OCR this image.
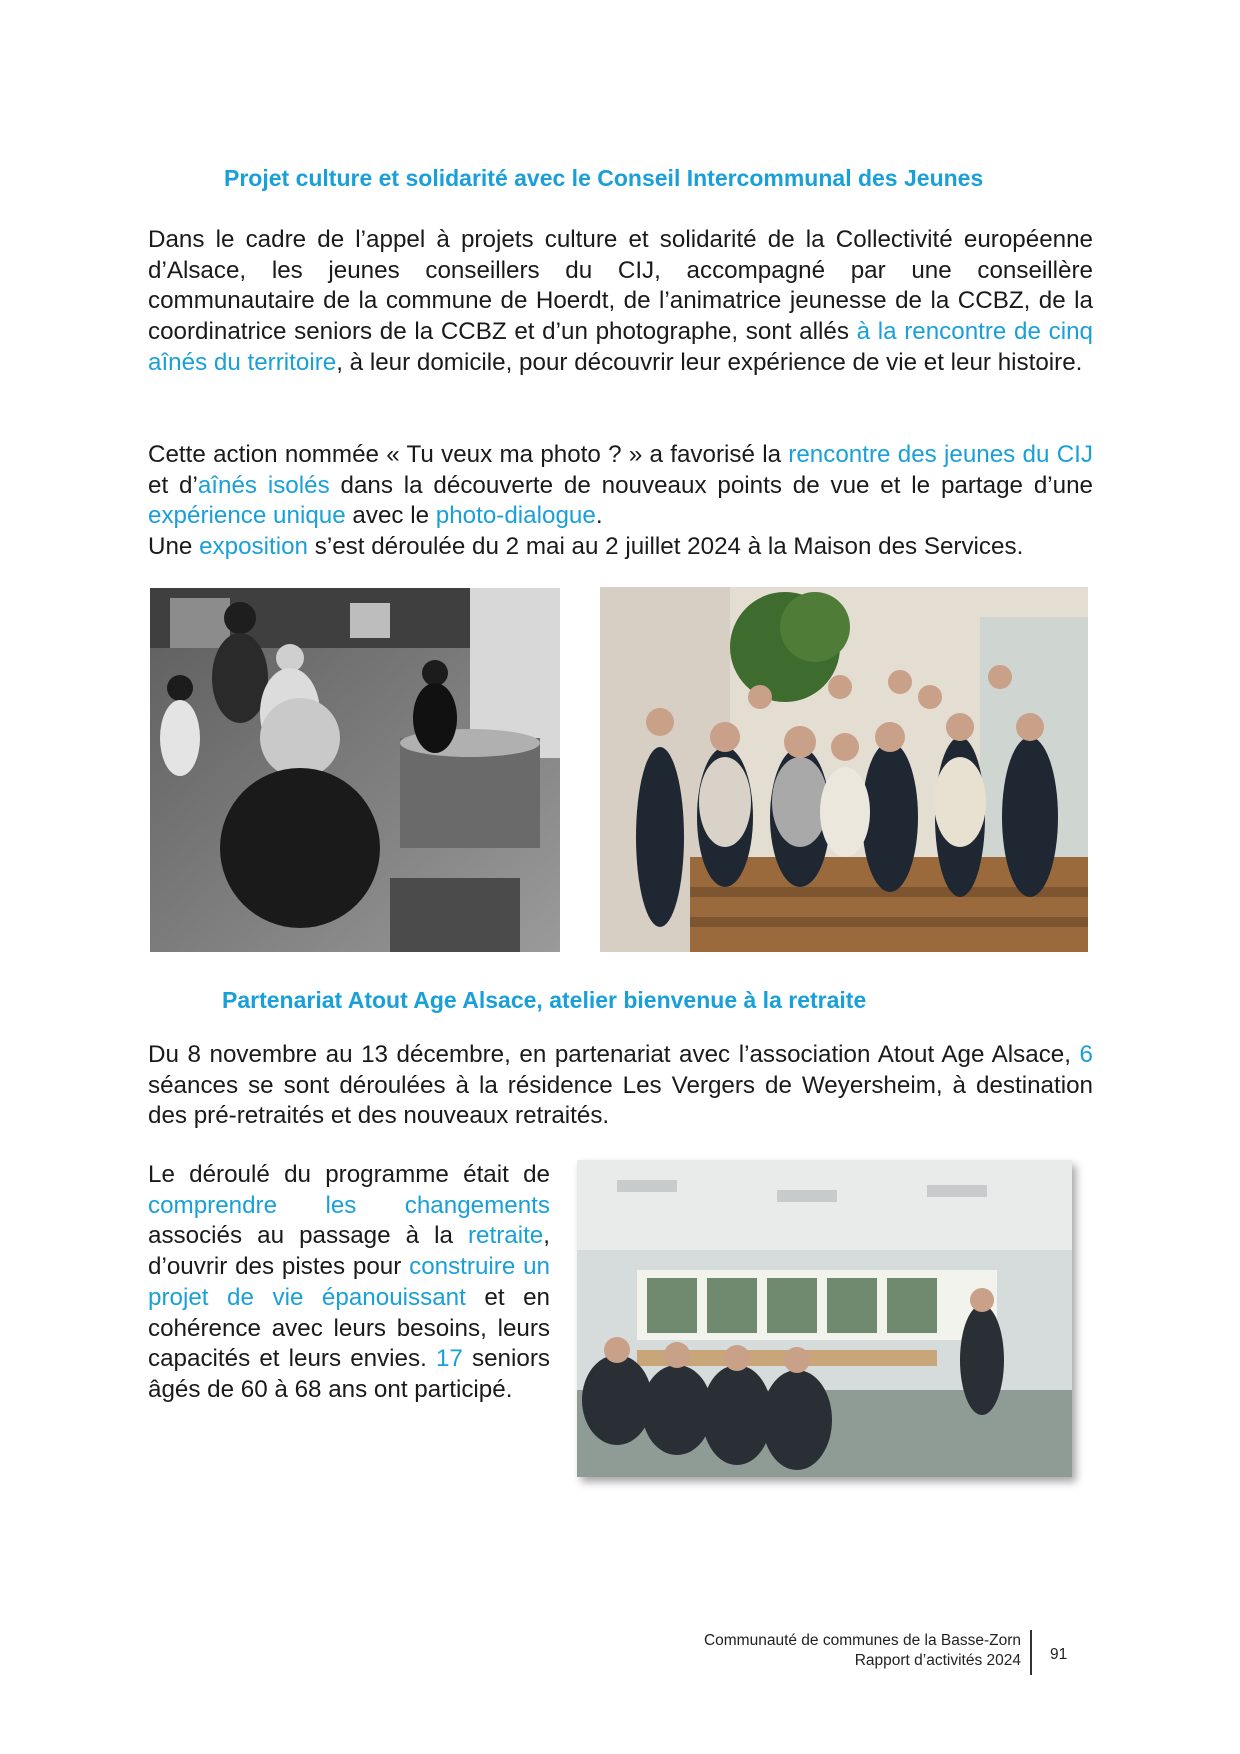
Projet culture et solidarité avec le Conseil Intercommunal des Jeunes

Dans le cadre de l’appel à projets culture et solidarité de la Collectivité européenne d’Alsace, les jeunes conseillers du CIJ, accompagné par une conseillère communautaire de la commune de Hoerdt, de l’animatrice jeunesse de la CCBZ, de la coordinatrice seniors de la CCBZ et d’un photographe, sont allés à la rencontre de cinq aînés du territoire, à leur domicile, pour découvrir leur expérience de vie et leur histoire.

Cette action nommée « Tu veux ma photo ? » a favorisé la rencontre des jeunes du CIJ et d’aînés isolés dans la découverte de nouveaux points de vue et le partage d’une expérience unique avec le photo-dialogue.
Une exposition s’est déroulée du 2 mai au 2 juillet 2024 à la Maison des Services.

Partenariat Atout Age Alsace, atelier bienvenue à la retraite

Du 8 novembre au 13 décembre, en partenariat avec l’association Atout Age Alsace, 6 séances se sont déroulées à la résidence Les Vergers de Weyersheim, à destination des pré-retraités et des nouveaux retraités.

Le déroulé du programme était de comprendre les changements associés au passage à la retraite, d’ouvrir des pistes pour construire un projet de vie épanouissant et en cohérence avec leurs besoins, leurs capacités et leurs envies. 17 seniors âgés de 60 à 68 ans ont participé.

Communauté de communes de la Basse-Zorn
Rapport d’activités 2024 91
